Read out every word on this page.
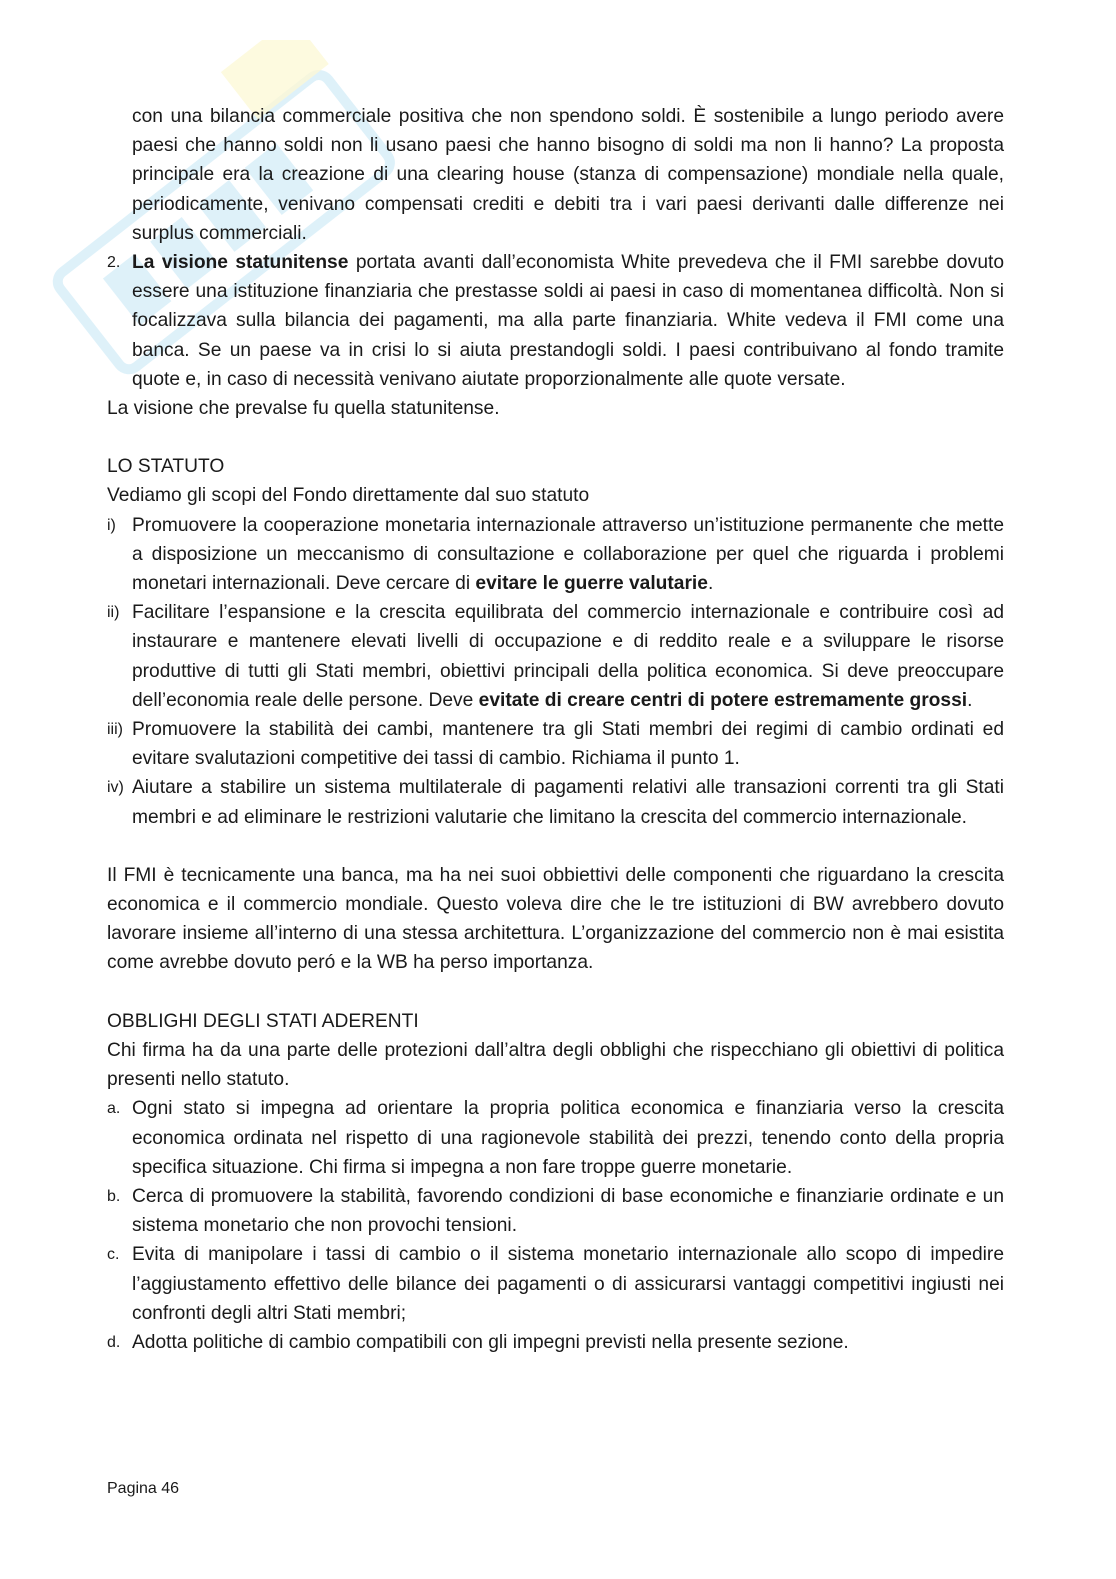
con una bilancia commerciale positiva che non spendono soldi. È sostenibile a lungo periodo avere paesi che hanno soldi non li usano paesi che hanno bisogno di soldi ma non li hanno? La proposta principale era la creazione di una clearing house (stanza di compensazione) mondiale nella quale, periodicamente, venivano compensati crediti e debiti tra i vari paesi derivanti dalle differenze nei surplus commerciali.

2. La visione statunitense portata avanti dall’economista White prevedeva che il FMI sarebbe dovuto essere una istituzione finanziaria che prestasse soldi ai paesi in caso di momentanea difficoltà. Non si focalizzava sulla bilancia dei pagamenti, ma alla parte finanziaria. White vedeva il FMI come una banca. Se un paese va in crisi lo si aiuta prestandogli soldi. I paesi contribuivano al fondo tramite quote e, in caso di necessità venivano aiutate proporzionalmente alle quote versate.

La visione che prevalse fu quella statunitense.

LO STATUTO

Vediamo gli scopi del Fondo direttamente dal suo statuto

i) Promuovere la cooperazione monetaria internazionale attraverso un’istituzione permanente che mette a disposizione un meccanismo di consultazione e collaborazione per quel che riguarda i problemi monetari internazionali. Deve cercare di evitare le guerre valutarie.
ii) Facilitare l’espansione e la crescita equilibrata del commercio internazionale e contribuire così ad instaurare e mantenere elevati livelli di occupazione e di reddito reale e a sviluppare le risorse produttive di tutti gli Stati membri, obiettivi principali della politica economica. Si deve preoccupare dell’economia reale delle persone. Deve evitate di creare centri di potere estremamente grossi.
iii) Promuovere la stabilità dei cambi, mantenere tra gli Stati membri dei regimi di cambio ordinati ed evitare svalutazioni competitive dei tassi di cambio. Richiama il punto 1.
iv) Aiutare a stabilire un sistema multilaterale di pagamenti relativi alle transazioni correnti tra gli Stati membri e ad eliminare le restrizioni valutarie che limitano la crescita del commercio internazionale.

Il FMI è tecnicamente una banca, ma ha nei suoi obbiettivi delle componenti che riguardano la crescita economica e il commercio mondiale. Questo voleva dire che le tre istituzioni di BW avrebbero dovuto lavorare insieme all’interno di una stessa architettura. L’organizzazione del commercio non è mai esistita come avrebbe dovuto peró e la WB ha perso importanza.

OBBLIGHI DEGLI STATI ADERENTI

Chi firma ha da una parte delle protezioni dall’altra degli obblighi che rispecchiano gli obiettivi di politica presenti nello statuto.

a. Ogni stato si impegna ad orientare la propria politica economica e finanziaria verso la crescita economica ordinata nel rispetto di una ragionevole stabilità dei prezzi, tenendo conto della propria specifica situazione. Chi firma si impegna a non fare troppe guerre monetarie.
b. Cerca di promuovere la stabilità, favorendo condizioni di base economiche e finanziarie ordinate e un sistema monetario che non provochi tensioni.
c. Evita di manipolare i tassi di cambio o il sistema monetario internazionale allo scopo di impedire l’aggiustamento effettivo delle bilance dei pagamenti o di assicurarsi vantaggi competitivi ingiusti nei confronti degli altri Stati membri;
d. Adotta politiche di cambio compatibili con gli impegni previsti nella presente sezione.
Pagina 46
